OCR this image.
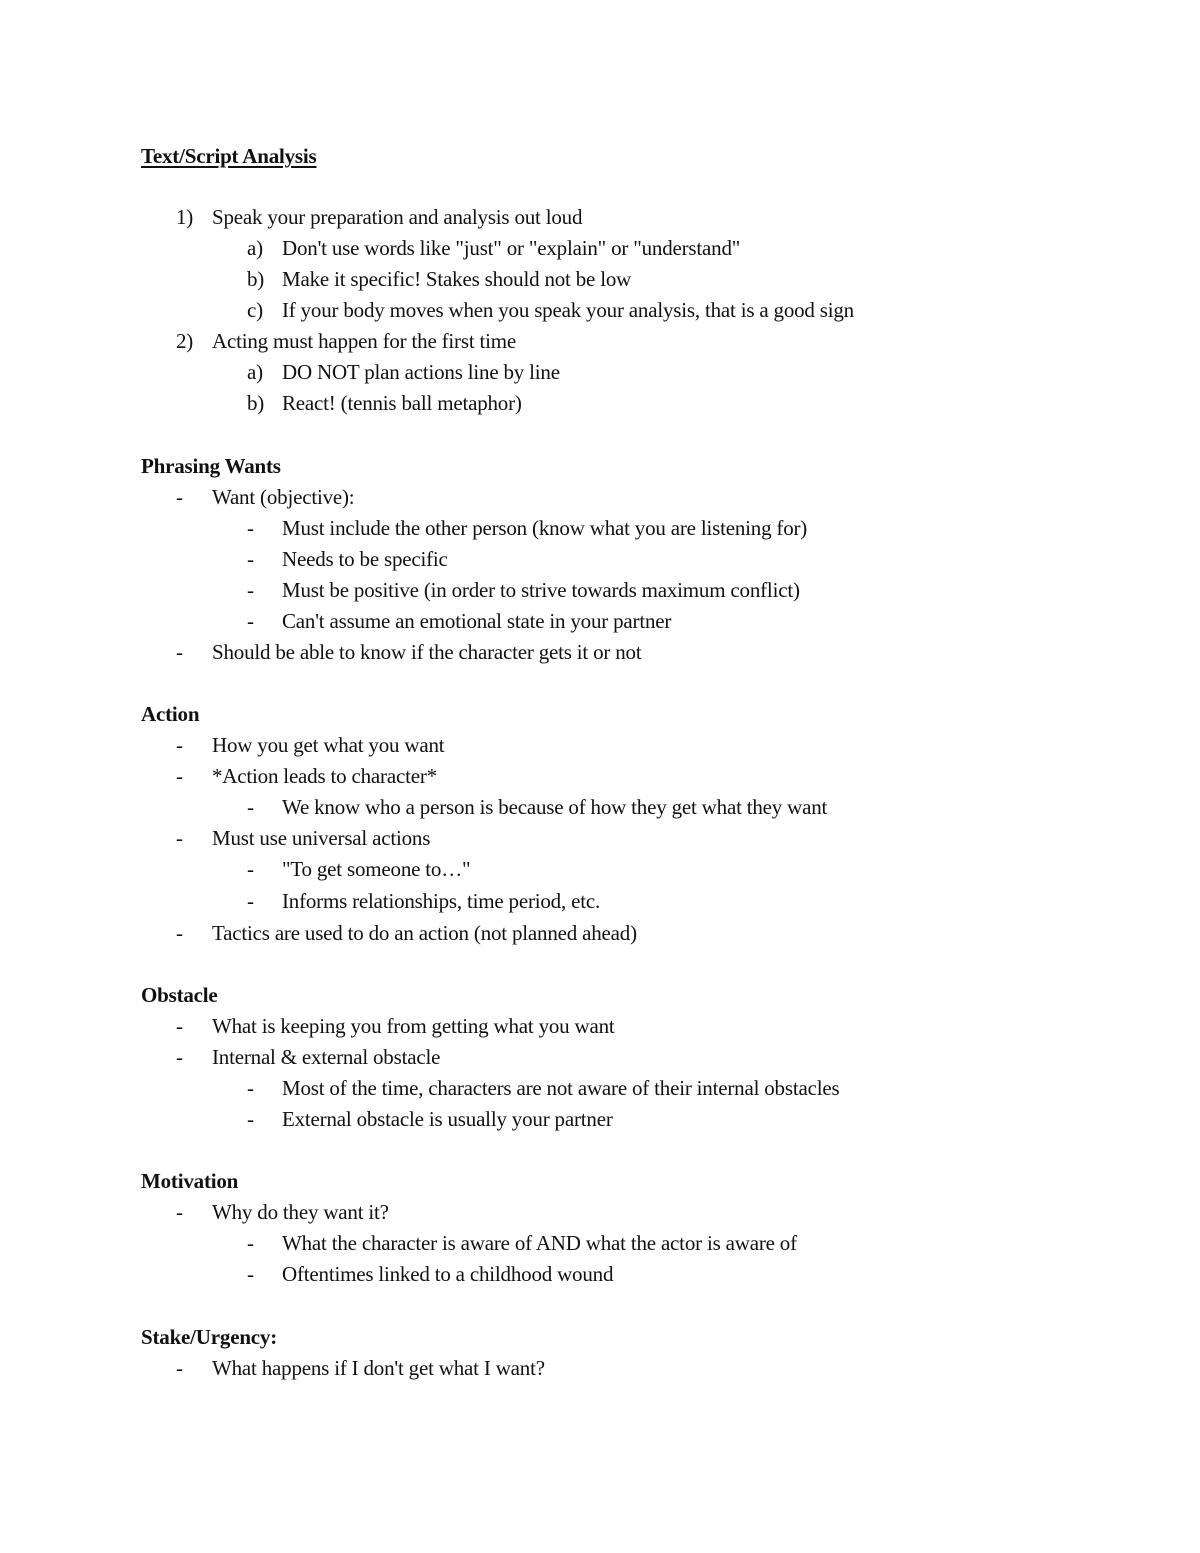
Text/Script Analysis
1) Speak your preparation and analysis out loud
a) Don't use words like "just" or "explain" or "understand"
b) Make it specific! Stakes should not be low
c) If your body moves when you speak your analysis, that is a good sign
2) Acting must happen for the first time
a) DO NOT plan actions line by line
b) React! (tennis ball metaphor)
Phrasing Wants
- Want (objective):
- Must include the other person (know what you are listening for)
- Needs to be specific
- Must be positive (in order to strive towards maximum conflict)
- Can't assume an emotional state in your partner
- Should be able to know if the character gets it or not
Action
- How you get what you want
- *Action leads to character*
- We know who a person is because of how they get what they want
- Must use universal actions
- "To get someone to…"
- Informs relationships, time period, etc.
- Tactics are used to do an action (not planned ahead)
Obstacle
- What is keeping you from getting what you want
- Internal & external obstacle
- Most of the time, characters are not aware of their internal obstacles
- External obstacle is usually your partner
Motivation
- Why do they want it?
- What the character is aware of AND what the actor is aware of
- Oftentimes linked to a childhood wound
Stake/Urgency:
- What happens if I don't get what I want?
